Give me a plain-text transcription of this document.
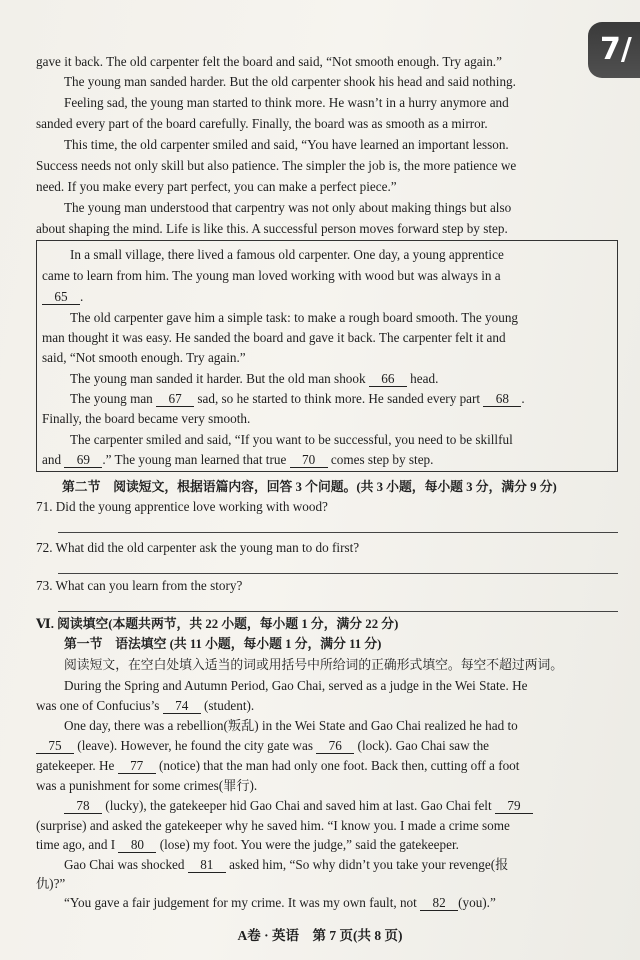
7/
gave it back. The old carpenter felt the board and said, “Not smooth enough. Try again.”
The young man sanded harder. But the old carpenter shook his head and said nothing.
Feeling sad, the young man started to think more. He wasn’t in a hurry anymore and
sanded every part of the board carefully. Finally, the board was as smooth as a mirror.
This time, the old carpenter smiled and said, “You have learned an important lesson.
Success needs not only skill but also patience. The simpler the job is, the more patience we
need. If you make every part perfect, you can make a perfect piece.”
The young man understood that carpentry was not only about making things but also
about shaping the mind. Life is like this. A successful person moves forward step by step.
In a small village, there lived a famous old carpenter. One day, a young apprentice
came to learn from him. The young man loved working with wood but was always in a
65 .
The old carpenter gave him a simple task: to make a rough board smooth. The young
man thought it was easy. He sanded the board and gave it back. The carpenter felt it and
said, “Not smooth enough. Try again.”
The young man sanded it harder. But the old man shook 66 head.
The young man 67 sad, so he started to think more. He sanded every part 68 .
Finally, the board became very smooth.
The carpenter smiled and said, “If you want to be successful, you need to be skillful
and 69 .” The young man learned that true 70 comes step by step.
第二节　阅读短文，根据语篇内容，回答 3 个问题。(共 3 小题，每小题 3 分，满分 9 分)
71. Did the young apprentice love working with wood?
72. What did the old carpenter ask the young man to do first?
73. What can you learn from the story?
Ⅵ. 阅读填空(本题共两节，共 22 小题，每小题 1 分，满分 22 分)
第一节　语法填空 (共 11 小题，每小题 1 分，满分 11 分)
阅读短文，在空白处填入适当的词或用括号中所给词的正确形式填空。每空不超过两词。
During the Spring and Autumn Period, Gao Chai, served as a judge in the Wei State. He
was one of Confucius’s 74 (student).
One day, there was a rebellion(叛乱) in the Wei State and Gao Chai realized he had to
75 (leave). However, he found the city gate was 76 (lock). Gao Chai saw the
gatekeeper. He 77 (notice) that the man had only one foot. Back then, cutting off a foot
was a punishment for some crimes(罪行).
78 (lucky), the gatekeeper hid Gao Chai and saved him at last. Gao Chai felt 79
(surprise) and asked the gatekeeper why he saved him. “I know you. I made a crime some
time ago, and I 80 (lose) my foot. You were the judge,” said the gatekeeper.
Gao Chai was shocked 81 asked him, “So why didn’t you take your revenge(报
仇)?”
“You gave a fair judgement for my crime. It was my own fault, not 82 (you).”
A卷 · 英语　第 7 页(共 8 页)
